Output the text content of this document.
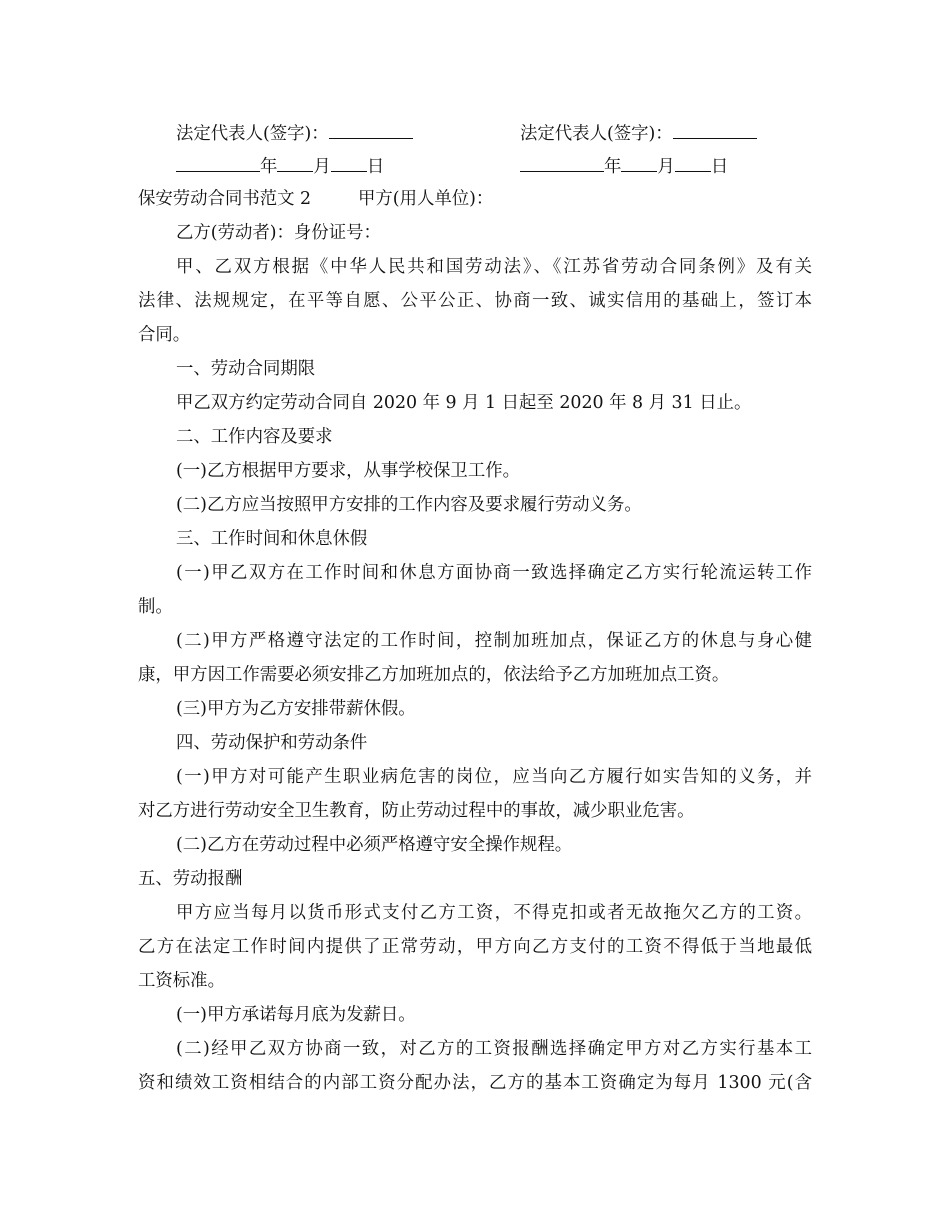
法定代表人(签字)：	法定代表人(签字)：
年 月 日	年 月 日
保安劳动合同书范文 2	甲方(用人单位)：
乙方(劳动者)：身份证号：
甲、乙双方根据《中华人民共和国劳动法》、《江苏省劳动合同条例》及有关
法律、法规规定，在平等自愿、公平公正、协商一致、诚实信用的基础上，签订本
合同。
一、劳动合同期限
甲乙双方约定劳动合同自 2020 年 9 月 1 日起至 2020 年 8 月 31 日止。
二、工作内容及要求
(一)乙方根据甲方要求，从事学校保卫工作。
(二)乙方应当按照甲方安排的工作内容及要求履行劳动义务。
三、工作时间和休息休假
(一)甲乙双方在工作时间和休息方面协商一致选择确定乙方实行轮流运转工作
制。
(二)甲方严格遵守法定的工作时间，控制加班加点，保证乙方的休息与身心健
康，甲方因工作需要必须安排乙方加班加点的，依法给予乙方加班加点工资。
(三)甲方为乙方安排带薪休假。
四、劳动保护和劳动条件
(一)甲方对可能产生职业病危害的岗位，应当向乙方履行如实告知的义务，并
对乙方进行劳动安全卫生教育，防止劳动过程中的事故，减少职业危害。
(二)乙方在劳动过程中必须严格遵守安全操作规程。
五、劳动报酬
甲方应当每月以货币形式支付乙方工资，不得克扣或者无故拖欠乙方的工资。
乙方在法定工作时间内提供了正常劳动，甲方向乙方支付的工资不得低于当地最低
工资标准。
(一)甲方承诺每月底为发薪日。
(二)经甲乙双方协商一致，对乙方的工资报酬选择确定甲方对乙方实行基本工
资和绩效工资相结合的内部工资分配办法，乙方的基本工资确定为每月 1300 元(含
